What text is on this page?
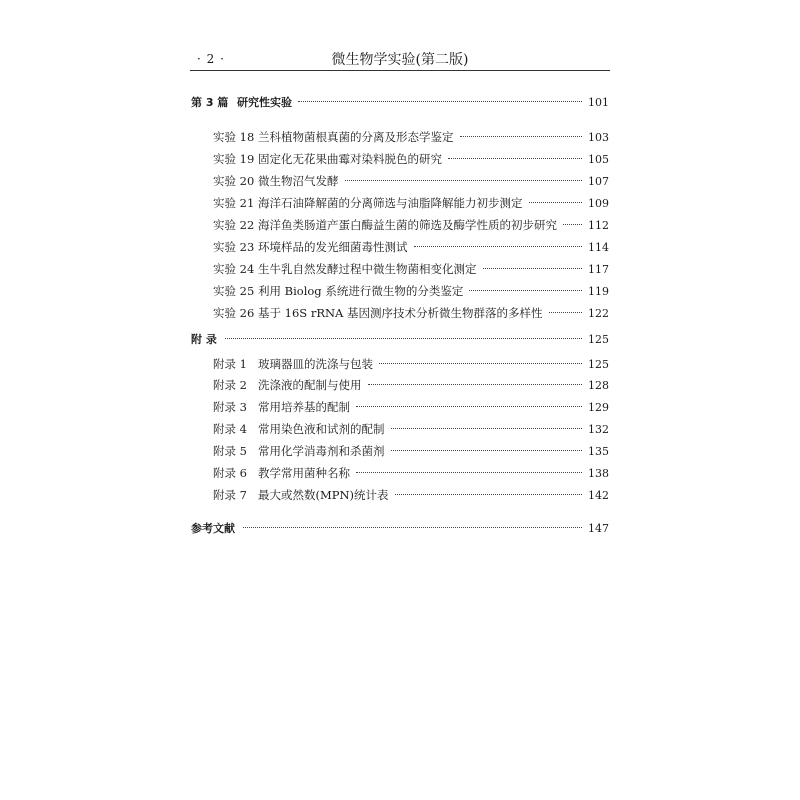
· 2 ·	微生物学实验(第二版)
第 3 篇 研究性实验	101
实验 18 兰科植物菌根真菌的分离及形态学鉴定	103
实验 19 固定化无花果曲霉对染料脱色的研究	105
实验 20 微生物沼气发酵	107
实验 21 海洋石油降解菌的分离筛选与油脂降解能力初步测定	109
实验 22 海洋鱼类肠道产蛋白酶益生菌的筛选及酶学性质的初步研究	112
实验 23 环境样品的发光细菌毒性测试	114
实验 24 生牛乳自然发酵过程中微生物菌相变化测定	117
实验 25 利用 Biolog 系统进行微生物的分类鉴定	119
实验 26 基于 16S rRNA 基因测序技术分析微生物群落的多样性	122
附 录	125
附录 1 玻璃器皿的洗涤与包装	125
附录 2 洗涤液的配制与使用	128
附录 3 常用培养基的配制	129
附录 4 常用染色液和试剂的配制	132
附录 5 常用化学消毒剂和杀菌剂	135
附录 6 教学常用菌种名称	138
附录 7 最大或然数(MPN)统计表	142
参考文献	147
